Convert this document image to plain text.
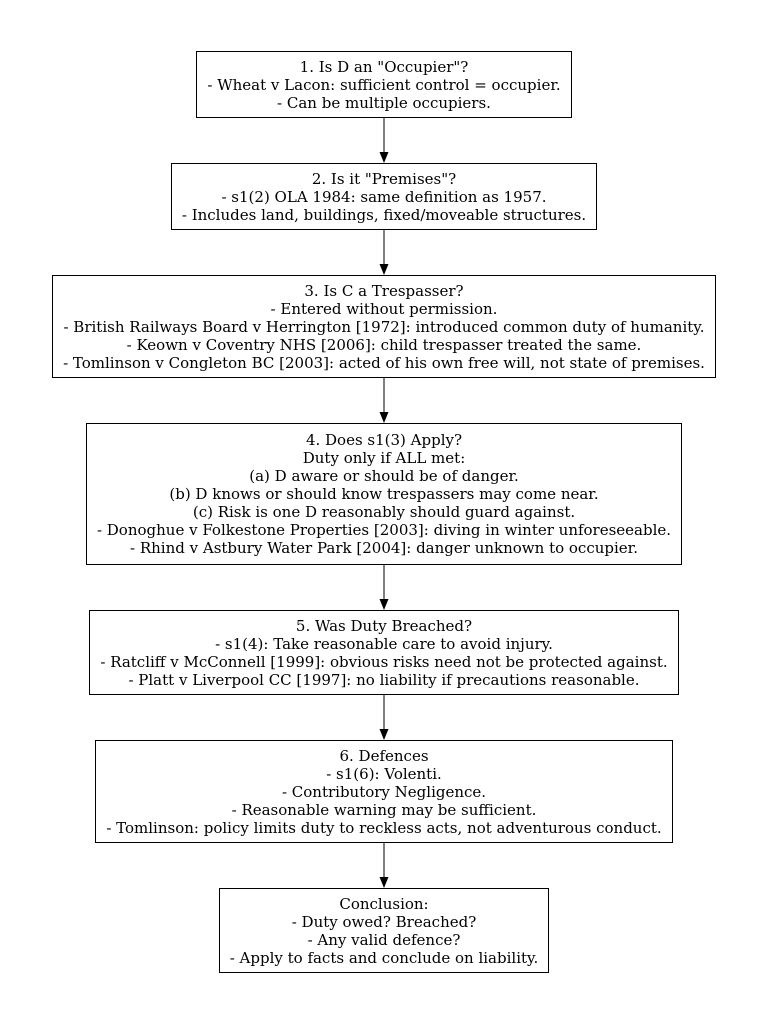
1. Is D an "Occupier"?
- Wheat v Lacon: sufficient control = occupier.
- Can be multiple occupiers.
2. Is it "Premises"?
- s1(2) OLA 1984: same definition as 1957.
- Includes land, buildings, fixed/moveable structures.
3. Is C a Trespasser?
- Entered without permission.
- British Railways Board v Herrington [1972]: introduced common duty of humanity.
- Keown v Coventry NHS [2006]: child trespasser treated the same.
- Tomlinson v Congleton BC [2003]: acted of his own free will, not state of premises.
4. Does s1(3) Apply?
Duty only if ALL met:
(a) D aware or should be of danger.
(b) D knows or should know trespassers may come near.
(c) Risk is one D reasonably should guard against.
- Donoghue v Folkestone Properties [2003]: diving in winter unforeseeable.
- Rhind v Astbury Water Park [2004]: danger unknown to occupier.
5. Was Duty Breached?
- s1(4): Take reasonable care to avoid injury.
- Ratcliff v McConnell [1999]: obvious risks need not be protected against.
- Platt v Liverpool CC [1997]: no liability if precautions reasonable.
6. Defences
- s1(6): Volenti.
- Contributory Negligence.
- Reasonable warning may be sufficient.
- Tomlinson: policy limits duty to reckless acts, not adventurous conduct.
Conclusion:
- Duty owed? Breached?
- Any valid defence?
- Apply to facts and conclude on liability.
